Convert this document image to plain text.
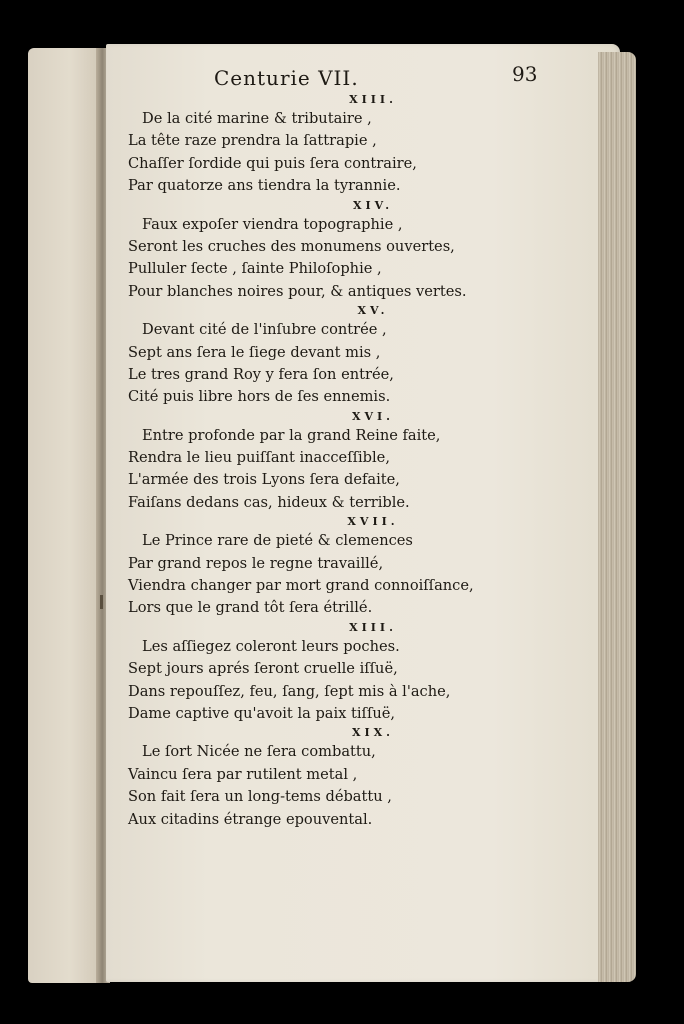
Centurie VII.	93
XIII.
De la cité marine & tributaire ,
La tête raze prendra la ſattrapie ,
Chaſſer ſordide qui puis ſera contraire,
Par quatorze ans tiendra la tyrannie.
XIV.
Faux expoſer viendra topographie ,
Seront les cruches des monumens ouvertes,
Pulluler ſecte , ſainte Philoſophie ,
Pour blanches noires pour, & antiques vertes.
XV.
Devant cité de l'inſubre contrée ,
Sept ans ſera le ſiege devant mis ,
Le tres grand Roy y fera ſon entrée,
Cité puis libre hors de ſes ennemis.
XVI.
Entre profonde par la grand Reine faite,
Rendra le lieu puiſſant inacceſſible,
L'armée des trois Lyons ſera defaite,
Faiſans dedans cas, hideux & terrible.
XVII.
Le Prince rare de pieté & clemences
Par grand repos le regne travaillé,
Viendra changer par mort grand connoiſſance,
Lors que le grand tôt ſera étrillé.
XIII.
Les aſſiegez coleront leurs poches.
Sept jours aprés ſeront cruelle iſſuë,
Dans repouſſez, feu, ſang, ſept mis à l'ache,
Dame captive qu'avoit la paix tiſſuë,
XIX.
Le ſort Nicée ne ſera combattu,
Vaincu ſera par rutilent metal ,
Son fait ſera un long-tems débattu ,
Aux citadins étrange epouvental.
